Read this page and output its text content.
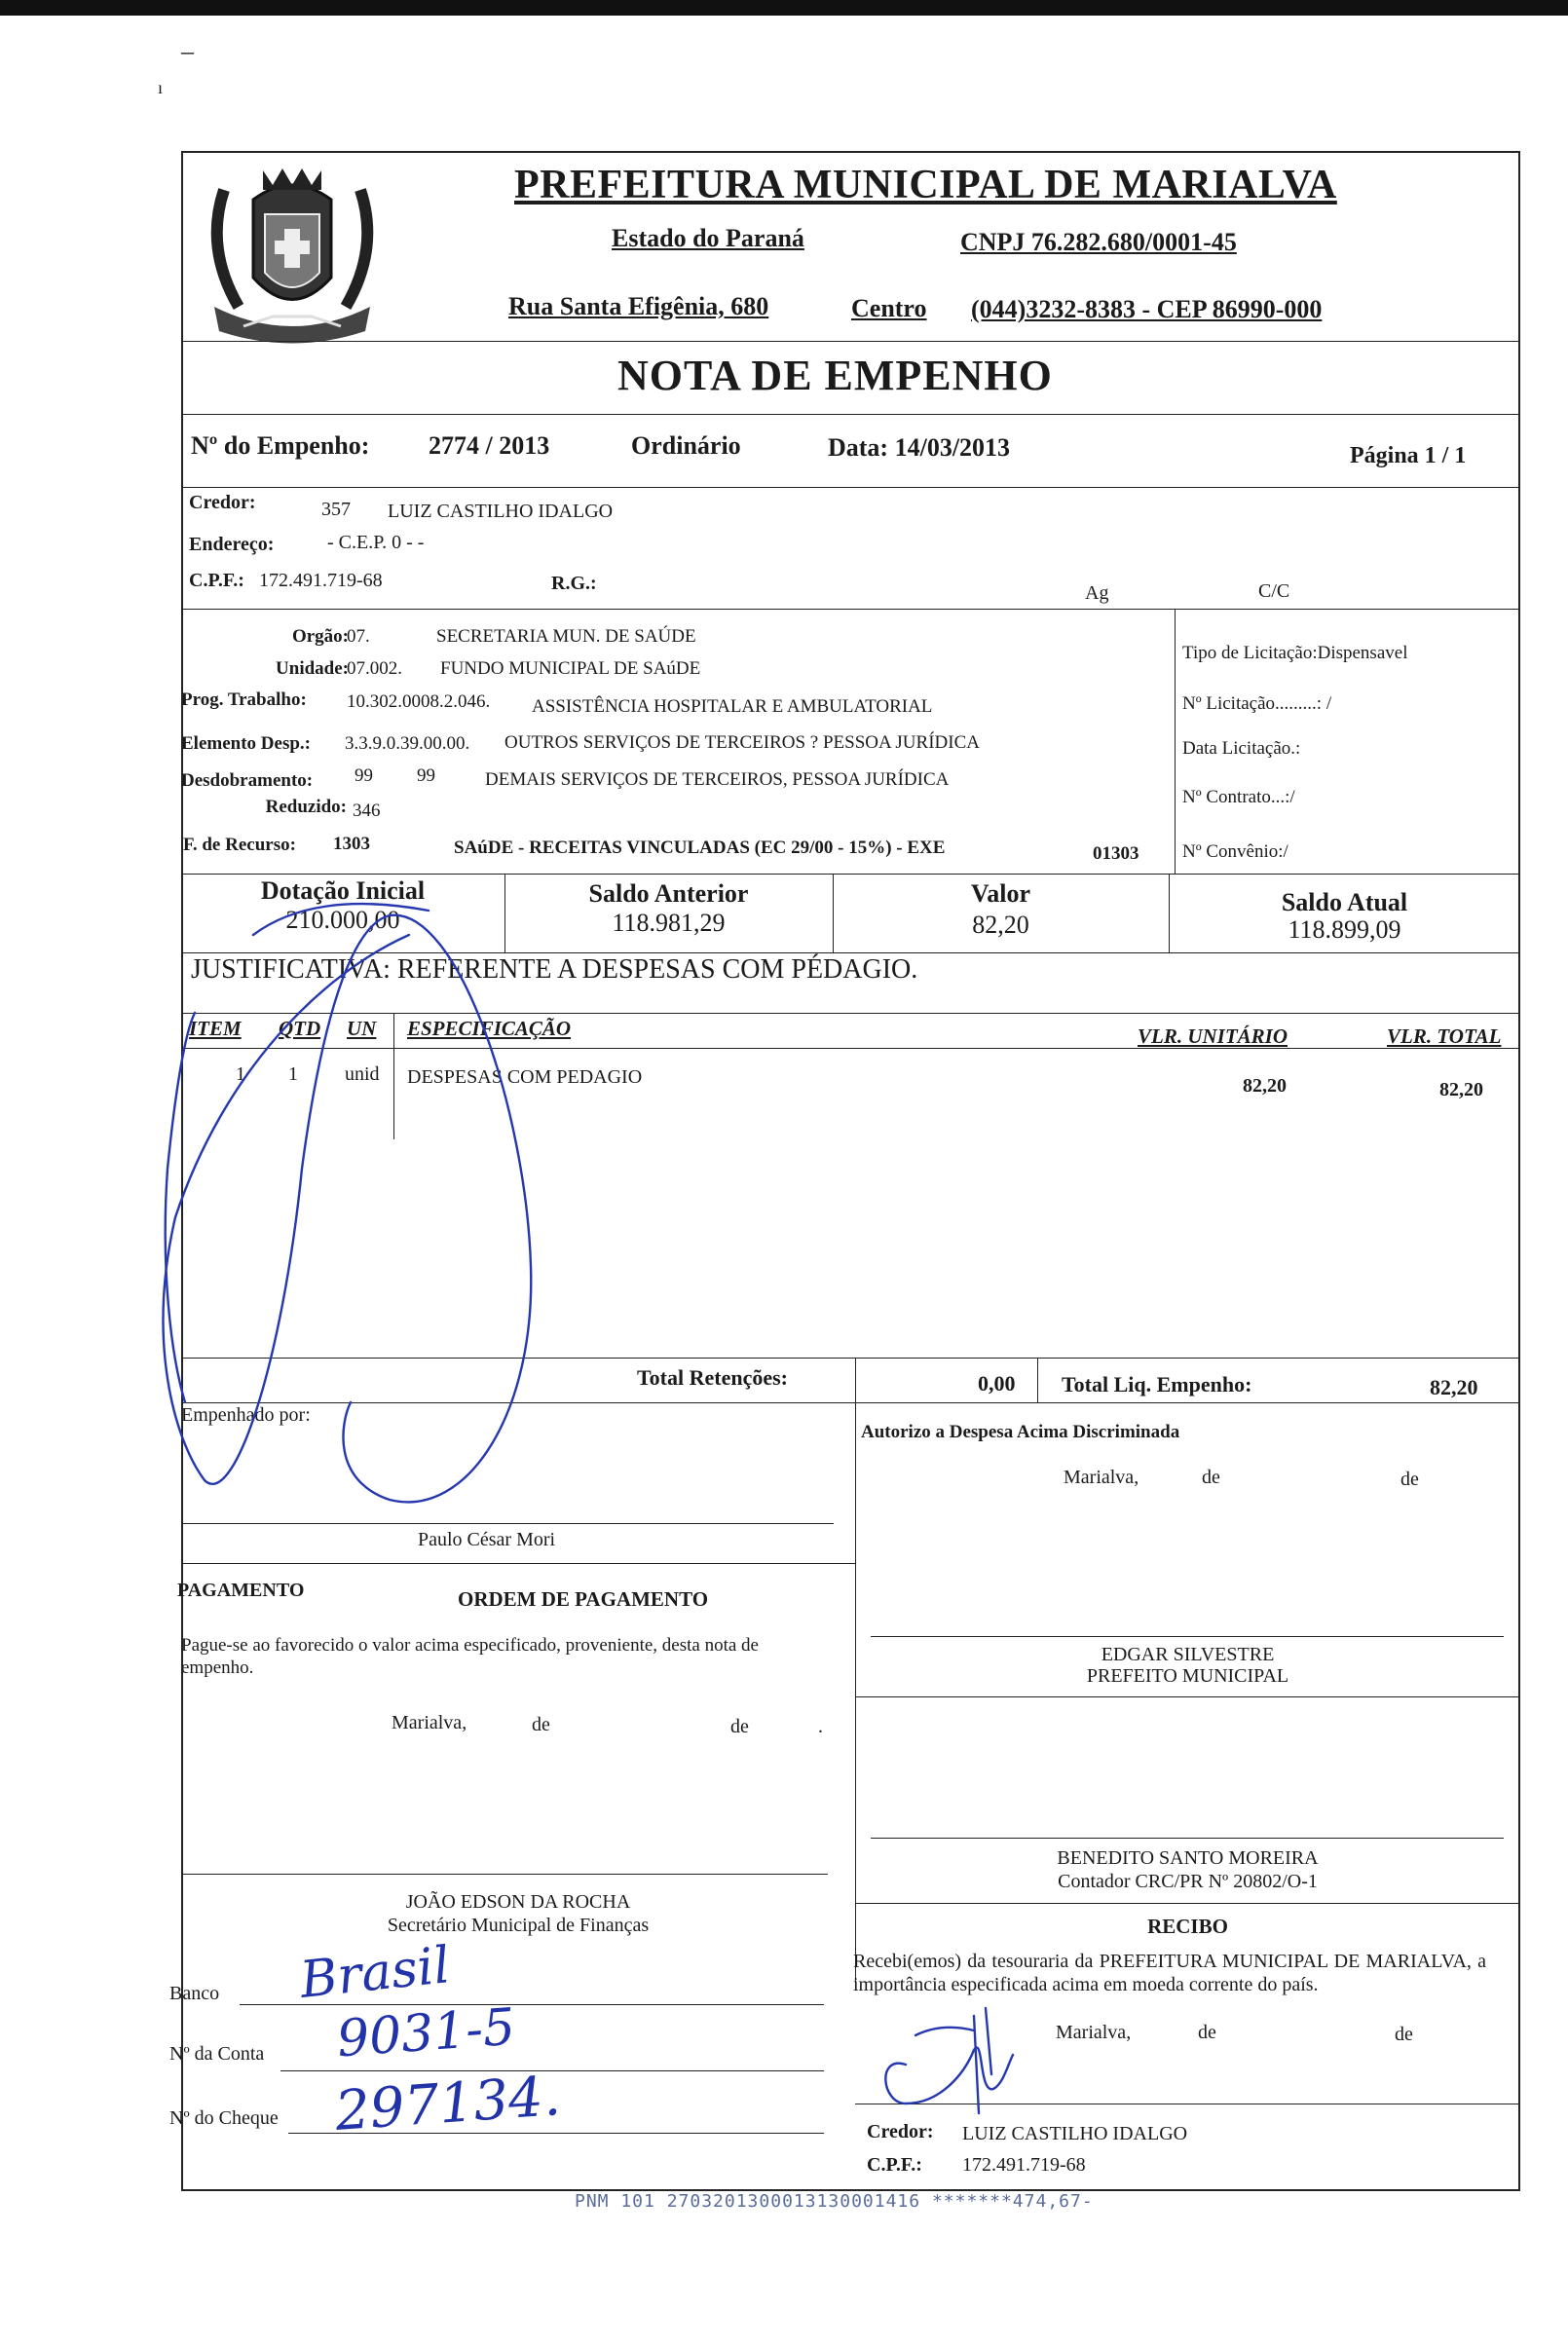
–
ı
PREFEITURA MUNICIPAL DE MARIALVA
Estado do Paraná	CNPJ 76.282.680/0001-45
Rua Santa Efigênia, 680	Centro (044)3232-8383 - CEP 86990-000
NOTA DE EMPENHO
Nº do Empenho: 2774 / 2013	Ordinário	Data: 14/03/2013	Página 1 / 1
Credor:	357 LUIZ CASTILHO IDALGO
Endereço:	- C.E.P. 0 - -
C.P.F.: 172.491.719-68	R.G.:	Ag	C/C
Orgão:
07.	SECRETARIA MUN. DE SAÚDE
Unidade:
07.002. FUNDO MUNICIPAL DE SAúDE
Prog. Trabalho: 10.302.0008.2.046. ASSISTÊNCIA HOSPITALAR E AMBULATORIAL
Elemento Desp.: 3.3.9.0.39.00.00. OUTROS SERVIÇOS DE TERCEIROS ? PESSOA JURÍDICA
Desdobramento: 99 99	DEMAIS SERVIÇOS DE TERCEIROS, PESSOA JURÍDICA
Reduzido: 346
F. de Recurso: 1303	SAúDE - RECEITAS VINCULADAS (EC 29/00 - 15%) - EXE	01303
Tipo de Licitação:Dispensavel
Nº Licitação.........: /
Data Licitação.:
Nº Contrato...:/
Nº Convênio:/
Dotação Inicial
210.000,00
Saldo Anterior
118.981,29
Valor
82,20
Saldo Atual
118.899,09
JUSTIFICATIVA: REFERENTE A DESPESAS COM PÉDAGIO.
ITEM QTD UN ESPECIFICAÇÃO	VLR. UNITÁRIO	VLR. TOTAL
1 1 unid DESPESAS COM PEDAGIO	82,20	82,20
Total Retenções:	0,00 Total Liq. Empenho:	82,20
Empenhado por:
Paulo César Mori
Autorizo a Despesa Acima Discriminada
Marialva,	de	de
PAGAMENTO	ORDEM DE PAGAMENTO
Pague-se ao favorecido o valor acima especificado, proveniente, desta nota de empenho.
Marialva,	de	de	.
EDGAR SILVESTRE
PREFEITO MUNICIPAL
BENEDITO SANTO MOREIRA
Contador CRC/PR Nº 20802/O-1
JOÃO EDSON DA ROCHA
Secretário Municipal de Finanças
Banco Brasil
Nº da Conta 9031-5
Nº do Cheque 297134.
RECIBO
Recebi(emos) da tesouraria da PREFEITURA MUNICIPAL DE MARIALVA, a importância especificada acima em moeda corrente do país.
Marialva,	de	de
Credor: LUIZ CASTILHO IDALGO
C.P.F.: 172.491.719-68
PNM 101 2703201300013130001416 *******474,67-
